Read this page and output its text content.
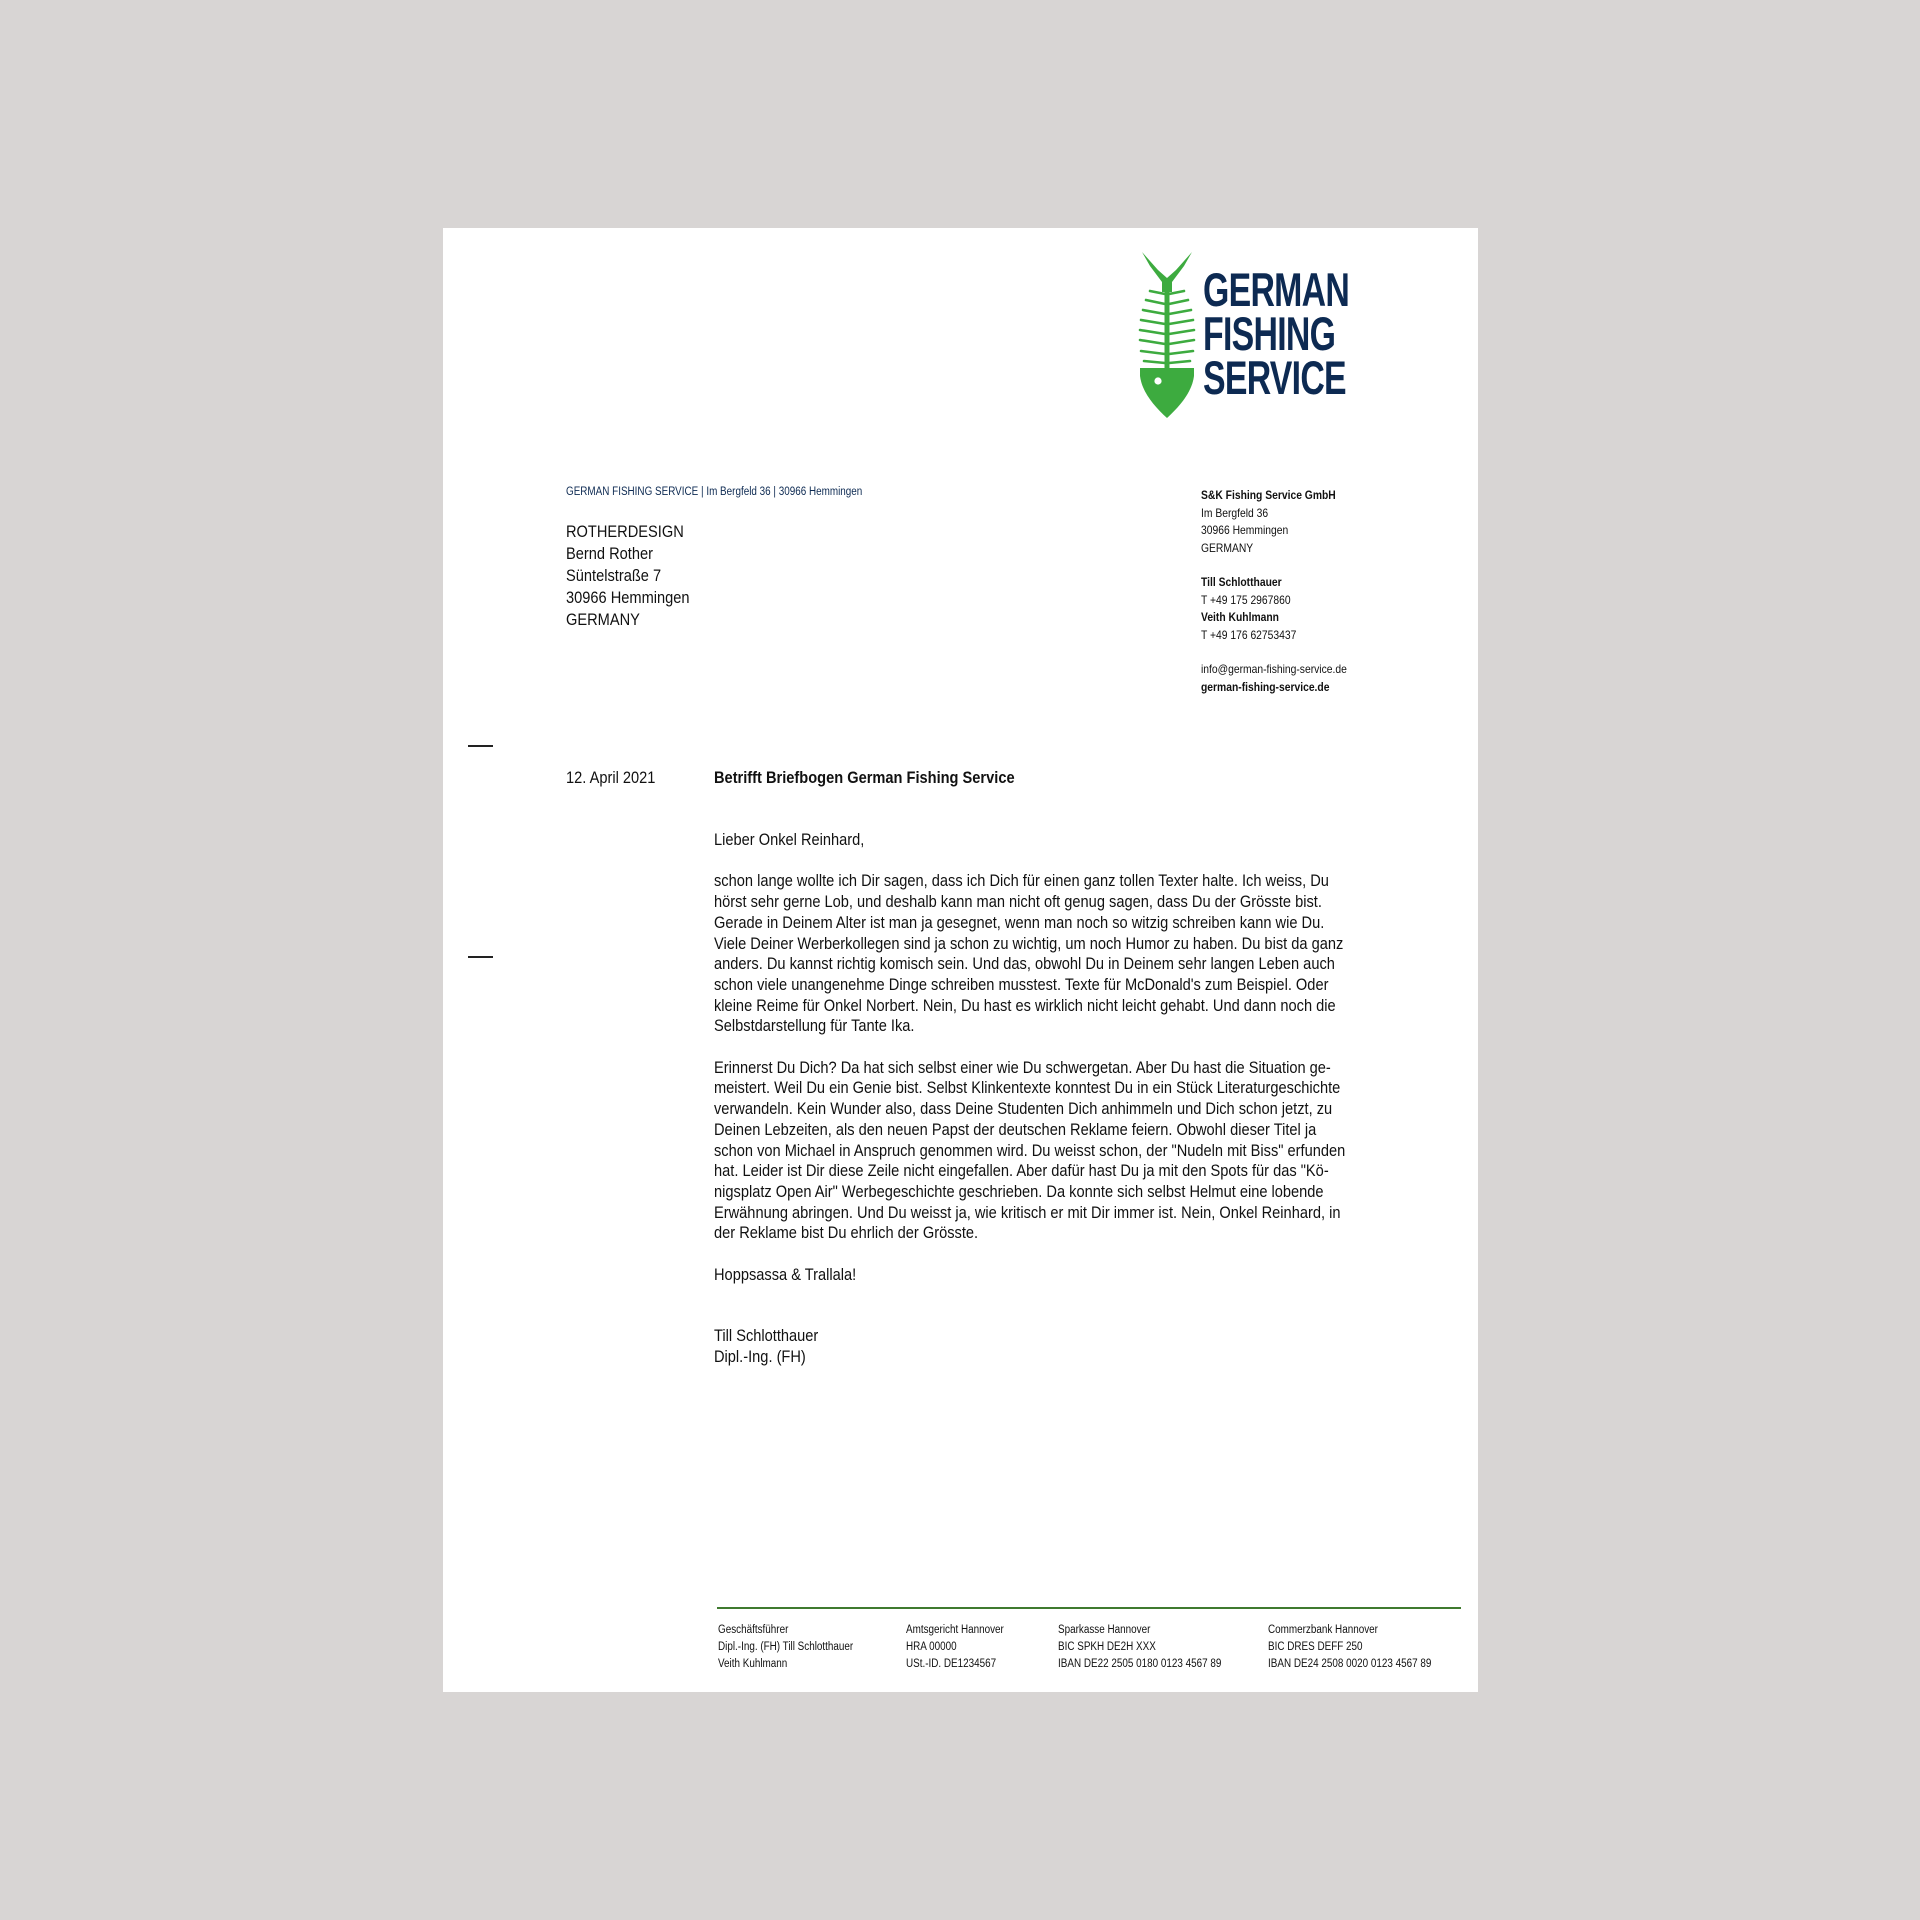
GERMAN
FISHING
SERVICE
GERMAN FISHING SERVICE | Im Bergfeld 36 | 30966 Hemmingen
ROTHERDESIGN
Bernd Rother
Süntelstraße 7
30966 Hemmingen
GERMANY
S&K Fishing Service GmbH
Im Bergfeld 36
30966 Hemmingen
GERMANY
Till Schlotthauer
T +49 175 2967860
Veith Kuhlmann
T +49 176 62753437
info@german-fishing-service.de
german-fishing-service.de
12. April 2021	Betrifft Briefbogen German Fishing Service

Lieber Onkel Reinhard,

schon lange wollte ich Dir sagen, dass ich Dich für einen ganz tollen Texter halte. Ich weiss, Du
hörst sehr gerne Lob, und deshalb kann man nicht oft genug sagen, dass Du der Grösste bist.
Gerade in Deinem Alter ist man ja gesegnet, wenn man noch so witzig schreiben kann wie Du.
Viele Deiner Werberkollegen sind ja schon zu wichtig, um noch Humor zu haben. Du bist da ganz
anders. Du kannst richtig komisch sein. Und das, obwohl Du in Deinem sehr langen Leben auch
schon viele unangenehme Dinge schreiben musstest. Texte für McDonald's zum Beispiel. Oder
kleine Reime für Onkel Norbert. Nein, Du hast es wirklich nicht leicht gehabt. Und dann noch die
Selbstdarstellung für Tante Ika.

Erinnerst Du Dich? Da hat sich selbst einer wie Du schwergetan. Aber Du hast die Situation ge-
meistert. Weil Du ein Genie bist. Selbst Klinkentexte konntest Du in ein Stück Literaturgeschichte
verwandeln. Kein Wunder also, dass Deine Studenten Dich anhimmeln und Dich schon jetzt, zu
Deinen Lebzeiten, als den neuen Papst der deutschen Reklame feiern. Obwohl dieser Titel ja
schon von Michael in Anspruch genommen wird. Du weisst schon, der "Nudeln mit Biss" erfunden
hat. Leider ist Dir diese Zeile nicht eingefallen. Aber dafür hast Du ja mit den Spots für das "Kö-
nigsplatz Open Air" Werbegeschichte geschrieben. Da konnte sich selbst Helmut eine lobende
Erwähnung abringen. Und Du weisst ja, wie kritisch er mit Dir immer ist. Nein, Onkel Reinhard, in
der Reklame bist Du ehrlich der Grösste.

Hoppsassa & Trallala!

Till Schlotthauer
Dipl.-Ing. (FH)
Geschäftsführer
Dipl.-Ing. (FH) Till Schlotthauer
Veith Kuhlmann
Amtsgericht Hannover
HRA 00000
USt.-ID. DE1234567
Sparkasse Hannover
BIC SPKH DE2H XXX
IBAN DE22 2505 0180 0123 4567 89
Commerzbank Hannover
BIC DRES DEFF 250
IBAN DE24 2508 0020 0123 4567 89
